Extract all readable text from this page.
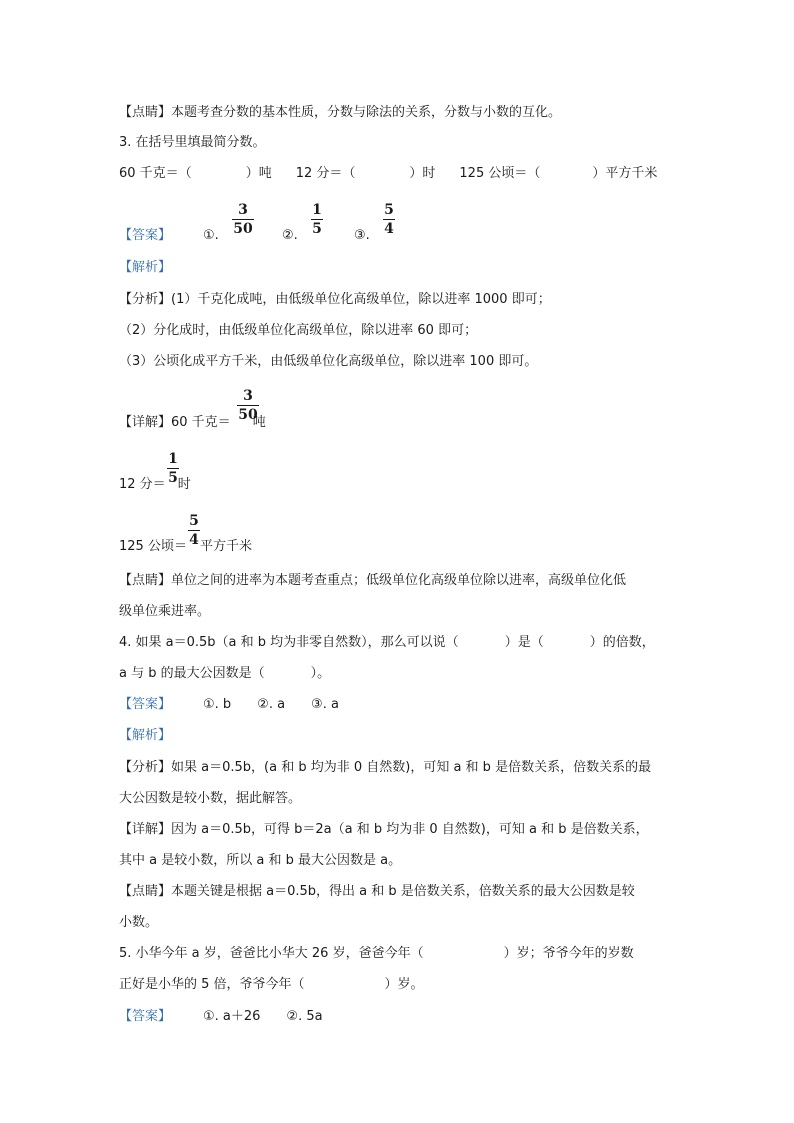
【点睛】本题考查分数的基本性质，分数与除法的关系，分数与小数的互化。
3. 在括号里填最简分数。
60 千克＝（	）吨 12 分＝（	）时 125 公顷＝（	）平方千米
【答案】 ①.
3
50 ②.
1
5 ③.
5
4
【解析】
【分析】(1）千克化成吨，由低级单位化高级单位，除以进率 1000 即可；
（2）分化成时，由低级单位化高级单位，除以进率 60 即可；
（3）公顷化成平方千米，由低级单位化高级单位，除以进率 100 即可。
【详解】60 千克＝ 吨
3
50
12 分＝ 时
1
5
125 公顷＝ 平方千米
5
4
【点睛】单位之间的进率为本题考查重点；低级单位化高级单位除以进率，高级单位化低
级单位乘进率。
4. 如果 a＝0.5b（a 和 b 均为非零自然数），那么可以说（	）是（	）的倍数，
a 与 b 的最大公因数是（	）。
【答案】 ①. b　　②. a　　③. a
【解析】
【分析】如果 a＝0.5b，(a 和 b 均为非 0 自然数)，可知 a 和 b 是倍数关系，倍数关系的最
大公因数是较小数，据此解答。
【详解】因为 a＝0.5b，可得 b＝2a（a 和 b 均为非 0 自然数)，可知 a 和 b 是倍数关系，
其中 a 是较小数，所以 a 和 b 最大公因数是 a。
【点睛】本题关键是根据 a＝0.5b，得出 a 和 b 是倍数关系，倍数关系的最大公因数是较
小数。
5. 小华今年 a 岁，爸爸比小华大 26 岁，爸爸今年（	）岁；爷爷今年的岁数
正好是小华的 5 倍，爷爷今年（	）岁。
【答案】 ①. a＋26　　②. 5a
